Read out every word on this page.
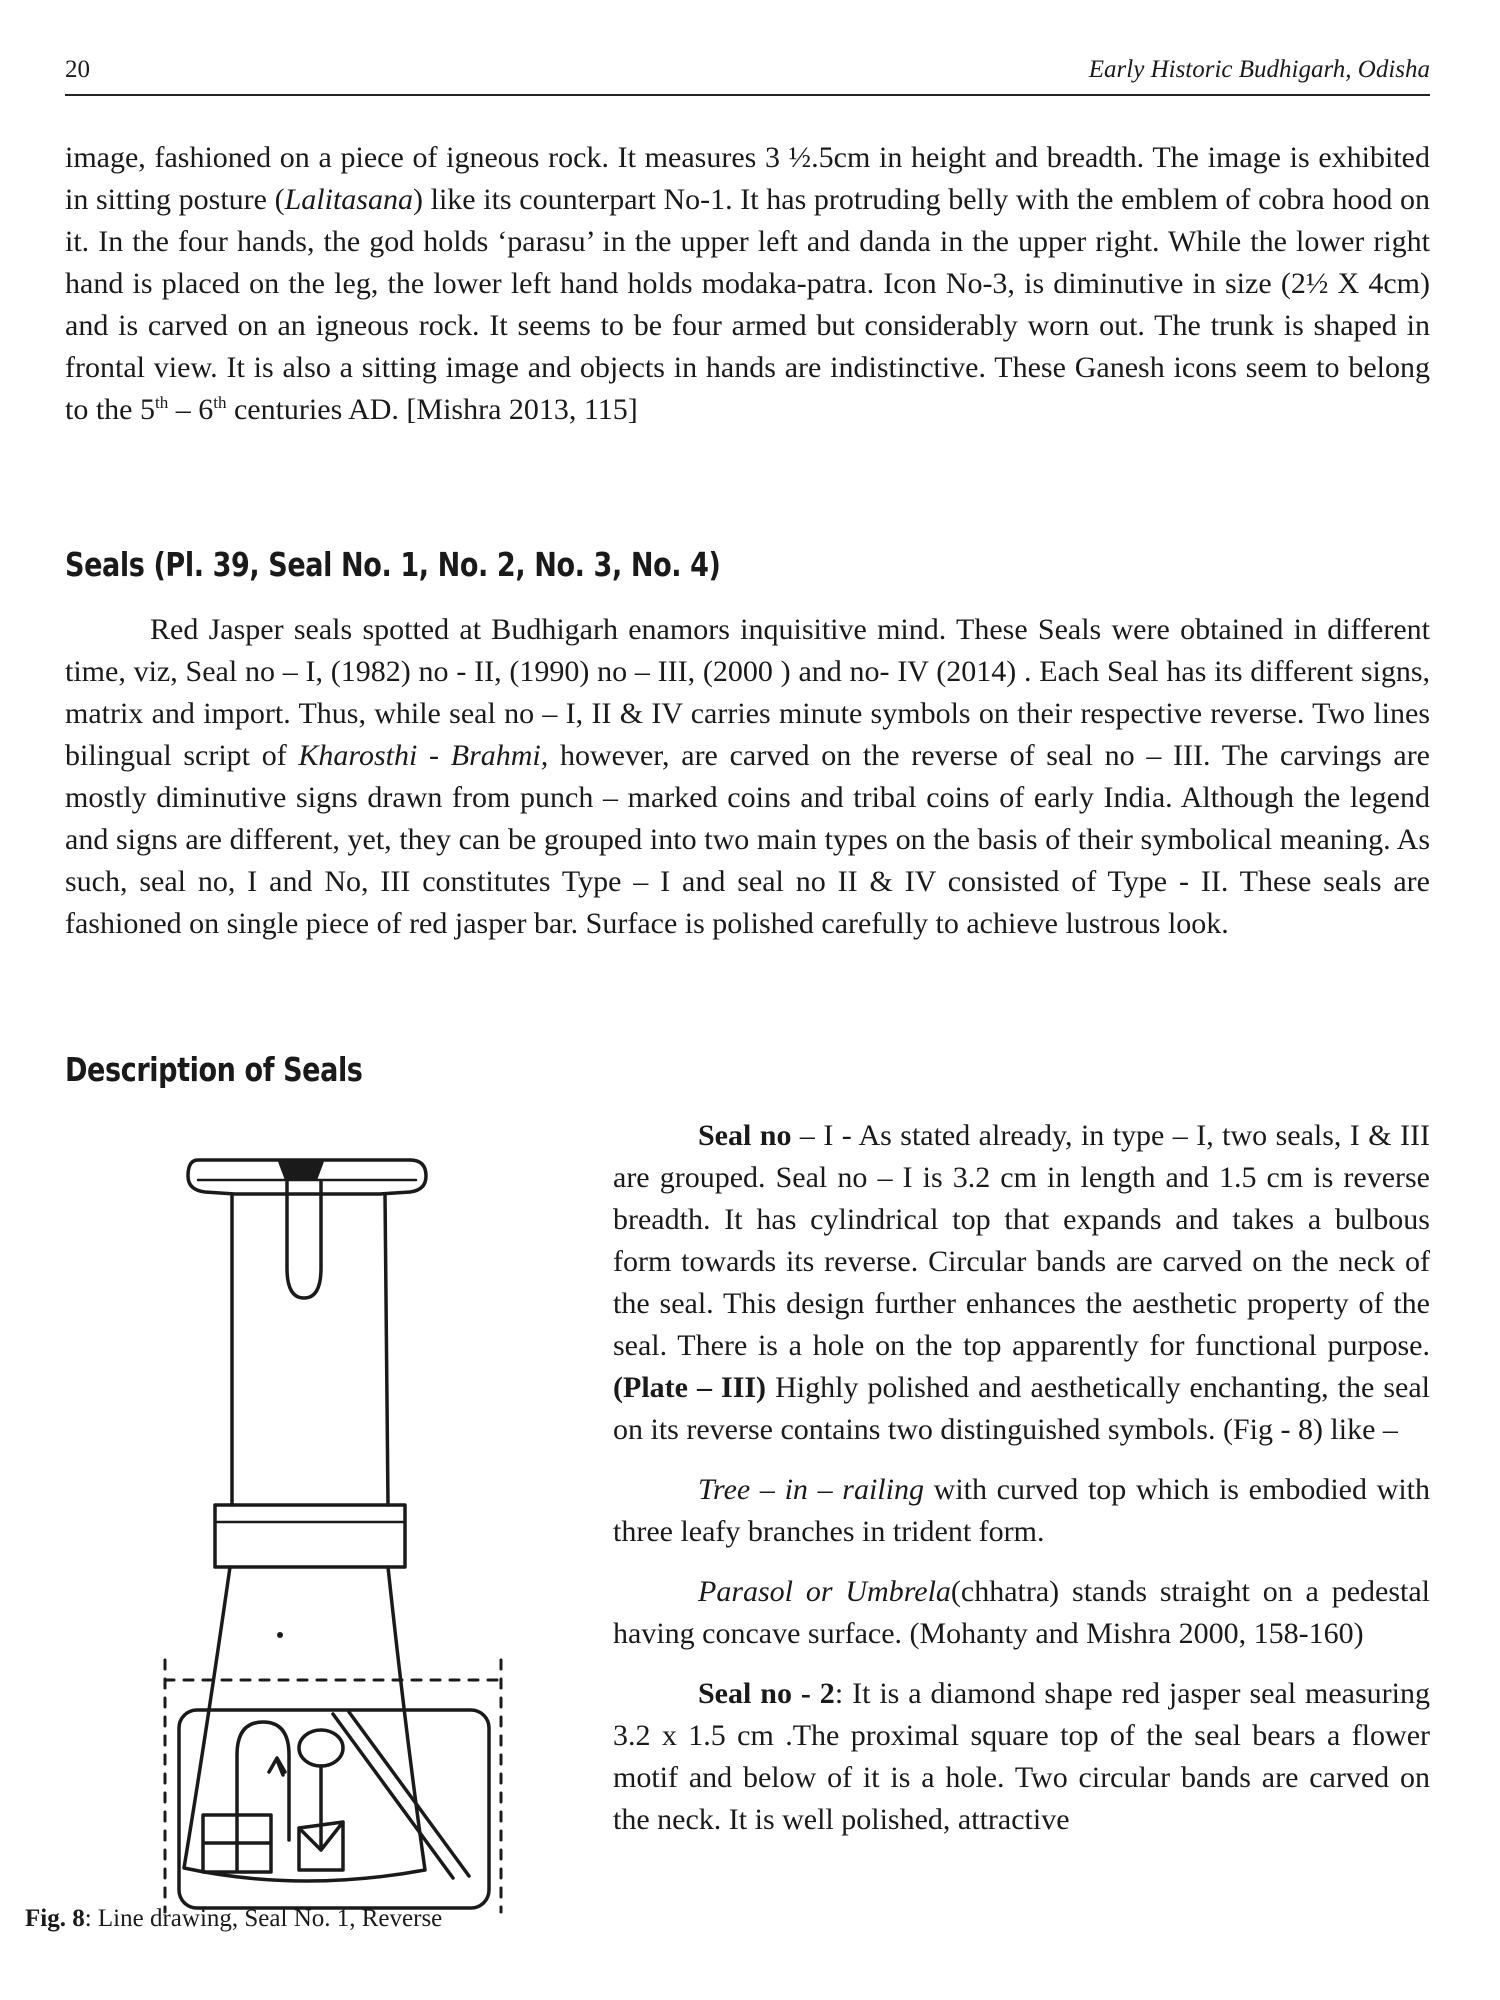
20	Early Historic Budhigarh, Odisha

image, fashioned on a piece of igneous rock. It measures 3 ½.5cm in height and breadth. The image is exhibited in sitting posture (Lalitasana) like its counterpart No-1. It has protruding belly with the emblem of cobra hood on it. In the four hands, the god holds ‘parasu’ in the upper left and danda in the upper right. While the lower right hand is placed on the leg, the lower left hand holds modaka-patra. Icon No-3, is diminutive in size (2½ X 4cm) and is carved on an igneous rock. It seems to be four armed but considerably worn out. The trunk is shaped in frontal view. It is also a sitting image and objects in hands are indistinctive. These Ganesh icons seem to belong to the 5th – 6th centuries AD. [Mishra 2013, 115]

Seals (Pl. 39, Seal No. 1, No. 2, No. 3, No. 4)

Red Jasper seals spotted at Budhigarh enamors inquisitive mind. These Seals were obtained in different time, viz, Seal no – I, (1982) no - II, (1990) no – III, (2000 ) and no- IV (2014) . Each Seal has its different signs, matrix and import. Thus, while seal no – I, II & IV carries minute symbols on their respective reverse. Two lines bilingual script of Kharosthi - Brahmi, however, are carved on the reverse of seal no – III. The carvings are mostly diminutive signs drawn from punch – marked coins and tribal coins of early India. Although the legend and signs are different, yet, they can be grouped into two main types on the basis of their symbolical meaning. As such, seal no, I and No, III constitutes Type – I and seal no II & IV consisted of Type - II. These seals are fashioned on single piece of red jasper bar. Surface is polished carefully to achieve lustrous look.

Description of Seals
Fig. 8: Line drawing, Seal No. 1, Reverse

Seal no – I - As stated already, in type – I, two seals, I & III are grouped. Seal no – I is 3.2 cm in length and 1.5 cm is reverse breadth. It has cylindrical top that expands and takes a bulbous form towards its reverse. Circular bands are carved on the neck of the seal. This design further enhances the aesthetic property of the seal. There is a hole on the top apparently for functional purpose. (Plate – III) Highly polished and aesthetically enchanting, the seal on its reverse contains two distinguished symbols. (Fig - 8) like –

Tree – in – railing with curved top which is embodied with three leafy branches in trident form.

Parasol or Umbrela(chhatra) stands straight on a pedestal having concave surface. (Mohanty and Mishra 2000, 158-160)

Seal no - 2: It is a diamond shape red jasper seal measuring 3.2 x 1.5 cm .The proximal square top of the seal bears a flower motif and below of it is a hole. Two circular bands are carved on the neck. It is well polished, attractive
